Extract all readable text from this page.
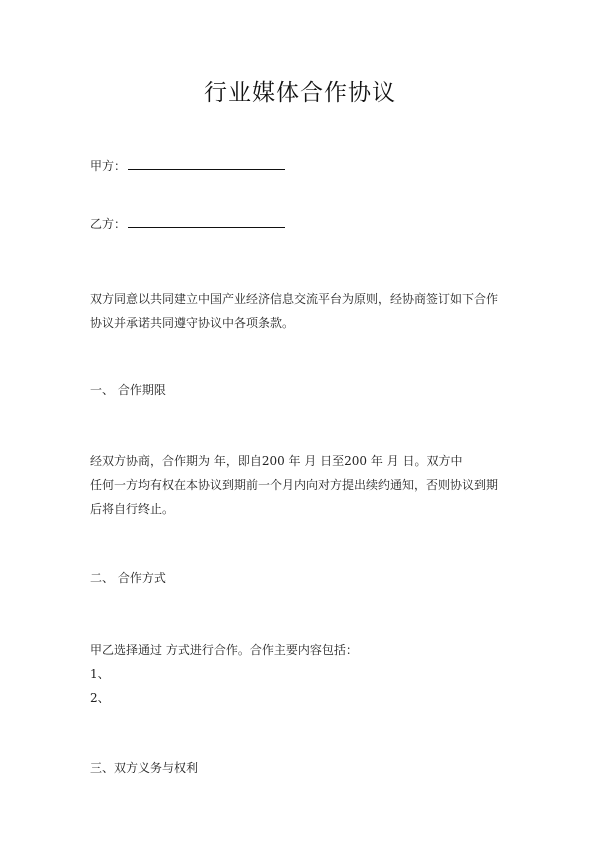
行业媒体合作协议
甲方：
乙方：
双方同意以共同建立中国产业经济信息交流平台为原则，经协商签订如下合作
协议并承诺共同遵守协议中各项条款。
一、 合作期限
经双方协商，合作期为 年，即自200 年 月 日至200 年 月 日。双方中
任何一方均有权在本协议到期前一个月内向对方提出续约通知，否则协议到期
后将自行终止。
二、 合作方式
甲乙选择通过 方式进行合作。合作主要内容包括：
1、
2、
三、双方义务与权利
